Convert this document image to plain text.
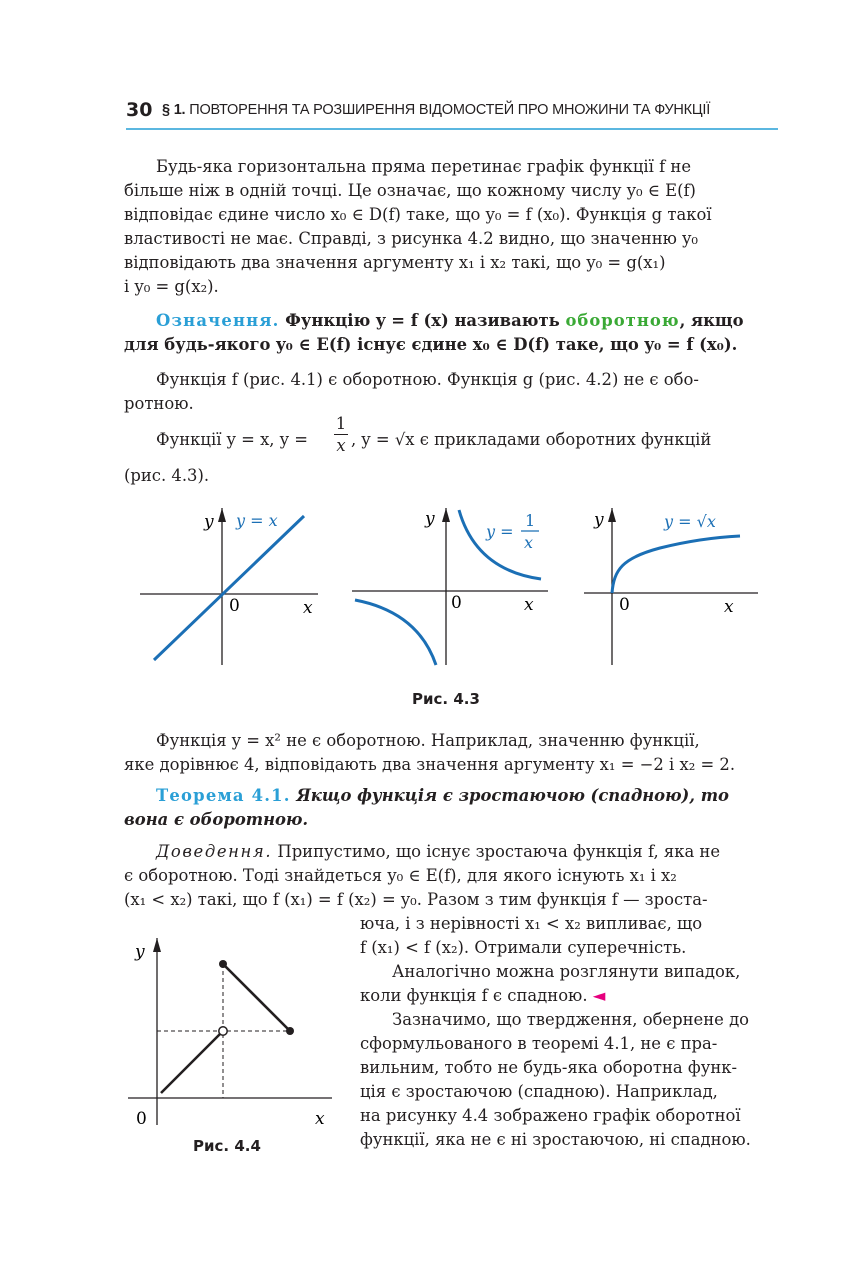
30 § 1. ПОВТОРЕННЯ ТА РОЗШИРЕННЯ ВІДОМОСТЕЙ ПРО МНОЖИНИ ТА ФУНКЦІЇ
Будь-яка горизонтальна пряма перетинає графік функції f не
більше ніж в одній точці. Це означає, що кожному числу y₀ ∈ E(f)
відповідає єдине число x₀ ∈ D(f) таке, що y₀ = f (x₀). Функція g такої
властивості не має. Справді, з рисунка 4.2 видно, що значенню y₀
відповідають два значення аргументу x₁ і x₂ такі, що y₀ = g(x₁)
і y₀ = g(x₂).
Означення. Функцію y = f (x) називають оборотною, якщо
для будь-якого y₀ ∈ E(f) існує єдине x₀ ∈ D(f) таке, що y₀ = f (x₀).
Функція f (рис. 4.1) є оборотною. Функція g (рис. 4.2) не є обо-
ротною.
Функції y = x, y =
1
x , y = √x є прикладами оборотних функцій
(рис. 4.3).
y y = x
0	x
y
y =
1
x
0	x
y	y = √x
0	x
Рис. 4.3
Функція y = x² не є оборотною. Наприклад, значенню функції,
яке дорівнює 4, відповідають два значення аргументу x₁ = −2 і x₂ = 2.
Теорема 4.1. Якщо функція є зростаючою (спадною), то
вона є оборотною.
Доведення. Припустимо, що існує зростаюча функція f, яка не
є оборотною. Тоді знайдеться y₀ ∈ E(f), для якого існують x₁ і x₂
(x₁ < x₂) такі, що f (x₁) = f (x₂) = y₀. Разом з тим функція f — зроста-
юча, і з нерівності x₁ < x₂ випливає, що
f (x₁) < f (x₂). Отримали суперечність.
Аналогічно можна розглянути випадок,
коли функція f є спадною. ◄
Зазначимо, що твердження, обернене до
сформульованого в теоремі 4.1, не є пра-
вильним, тобто не будь-яка оборотна функ-
ція є зростаючою (спадною). Наприклад,
на рисунку 4.4 зображено графік оборотної
функції, яка не є ні зростаючою, ні спадною.
y
0	x
Рис. 4.4
